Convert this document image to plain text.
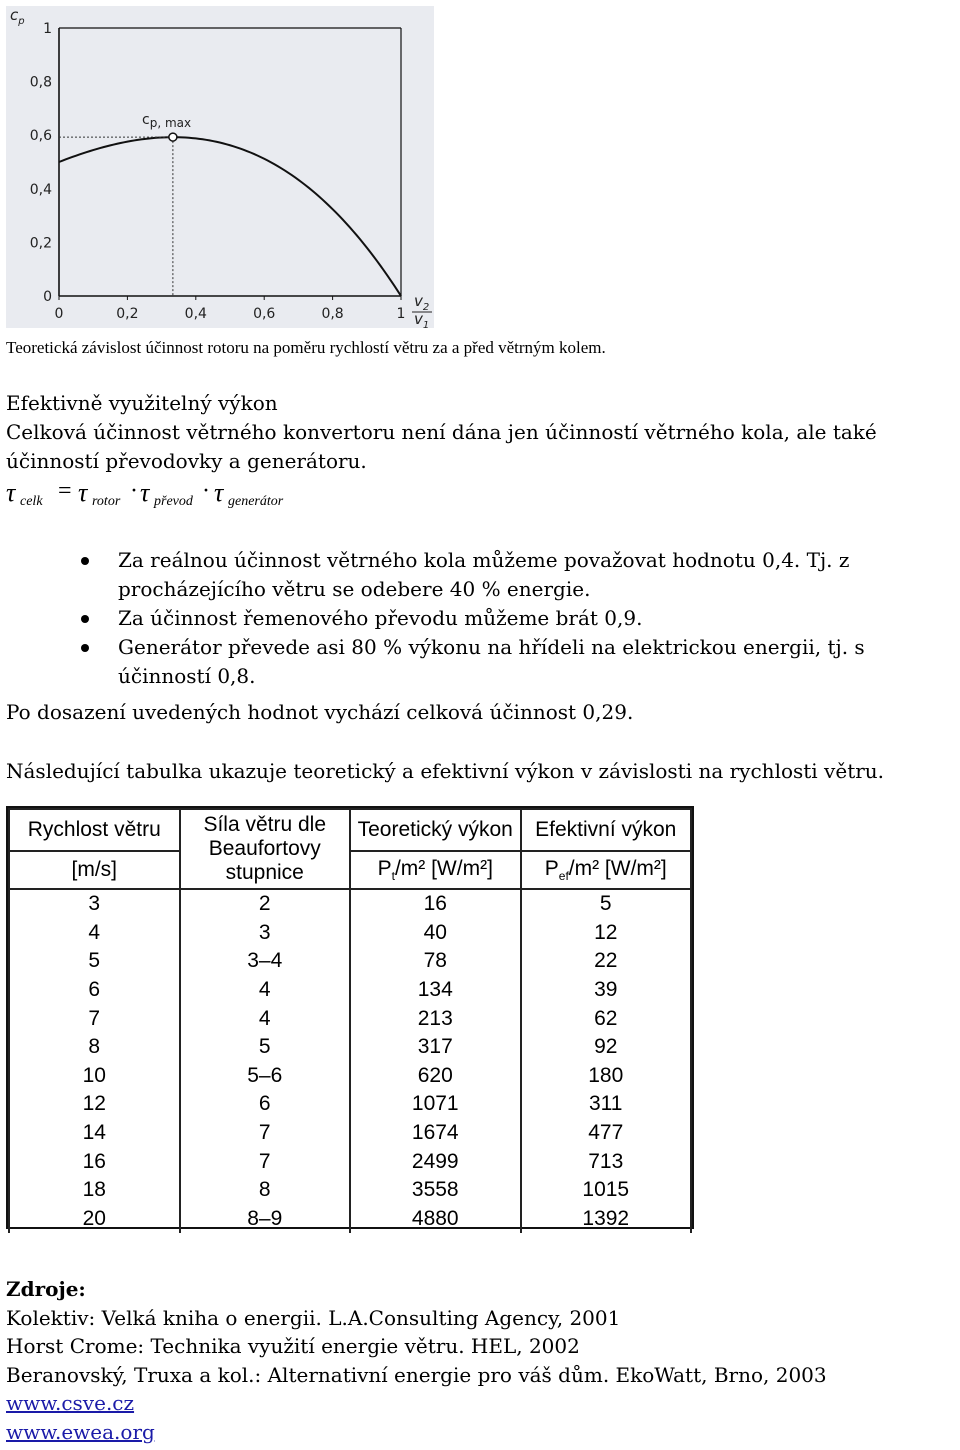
0
0,2
0,4
0,6
0,8
1
0	0,2	0,4	0,6	0,8	1
$c_p$
cp, max
$v_2$
$v_1$
Teoretická závislost účinnost rotoru na poměru rychlostí větru za a před větrným kolem.
Efektivně využitelný výkon
Celková účinnost větrného konvertoru není dána jen účinností větrného kola, ale také účinností převodovky a generátoru.
τ celk = τ rotor · τ převod · τ generátor
Za reálnou účinnost větrného kola můžeme považovat hodnotu 0,4. Tj. z procházejícího větru se odebere 40 % energie.
Za účinnost řemenového převodu můžeme brát 0,9.
Generátor převede asi 80 % výkonu na hřídeli na elektrickou energii, tj. s účinností 0,8.
Po dosazení uvedených hodnot vychází celková účinnost 0,29.
Následující tabulka ukazuje teoretický a efektivní výkon v závislosti na rychlosti větru.
Rychlost větru	Síla větru dle
Beaufortovy
stupnice	Teoretický výkon	Efektivní výkon
[m/s]		$P_t/m^2$ [W/m²]	$P_{ef}/m^2$ [W/m²]
3	2	16	5
4	3	40	12
5	3–4	78	22
6	4	134	39
7	4	213	62
8	5	317	92
10	5–6	620	180
12	6	1071	311
14	7	1674	477
16	7	2499	713
18	8	3558	1015
20	8–9	4880	1392
Zdroje:
Kolektiv: Velká kniha o energii. L.A.Consulting Agency, 2001
Horst Crome: Technika využití energie větru. HEL, 2002
Beranovský, Truxa a kol.: Alternativní energie pro váš dům. EkoWatt, Brno, 2003
www.csve.cz
www.ewea.org
